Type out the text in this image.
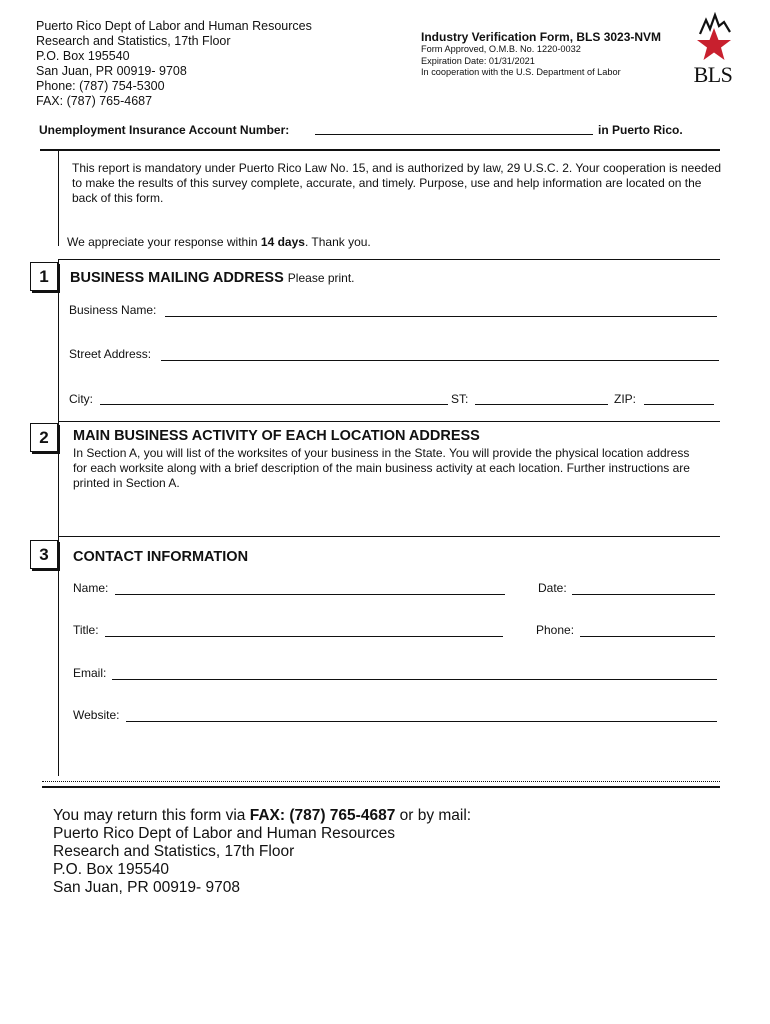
Puerto Rico Dept of Labor and Human Resources
Research and Statistics, 17th Floor
P.O. Box 195540
San Juan, PR 00919- 9708
Phone: (787) 754-5300
FAX: (787) 765-4687
Industry Verification Form, BLS 3023-NVM
Form Approved, O.M.B. No. 1220-0032
Expiration Date: 01/31/2021
In cooperation with the U.S. Department of Labor	BLS
Unemployment Insurance Account Number:	in Puerto Rico.
This report is mandatory under Puerto Rico Law No. 15, and is authorized by law, 29 U.S.C. 2. Your cooperation is needed to make the results of this survey complete, accurate, and timely. Purpose, use and help information are located on the back of this form.
We appreciate your response within 14 days. Thank you.
1	BUSINESS MAILING ADDRESS Please print.
Business Name:
Street Address:
City:	ST:	ZIP:
2	MAIN BUSINESS ACTIVITY OF EACH LOCATION ADDRESS
In Section A, you will list of the worksites of your business in the State. You will provide the physical location address for each worksite along with a brief description of the main business activity at each location. Further instructions are printed in Section A.
3	CONTACT INFORMATION
Name:	Date:
Title:	Phone:
Email:
Website:
You may return this form via FAX: (787) 765-4687 or by mail:
Puerto Rico Dept of Labor and Human Resources
Research and Statistics, 17th Floor
P.O. Box 195540
San Juan, PR 00919- 9708
